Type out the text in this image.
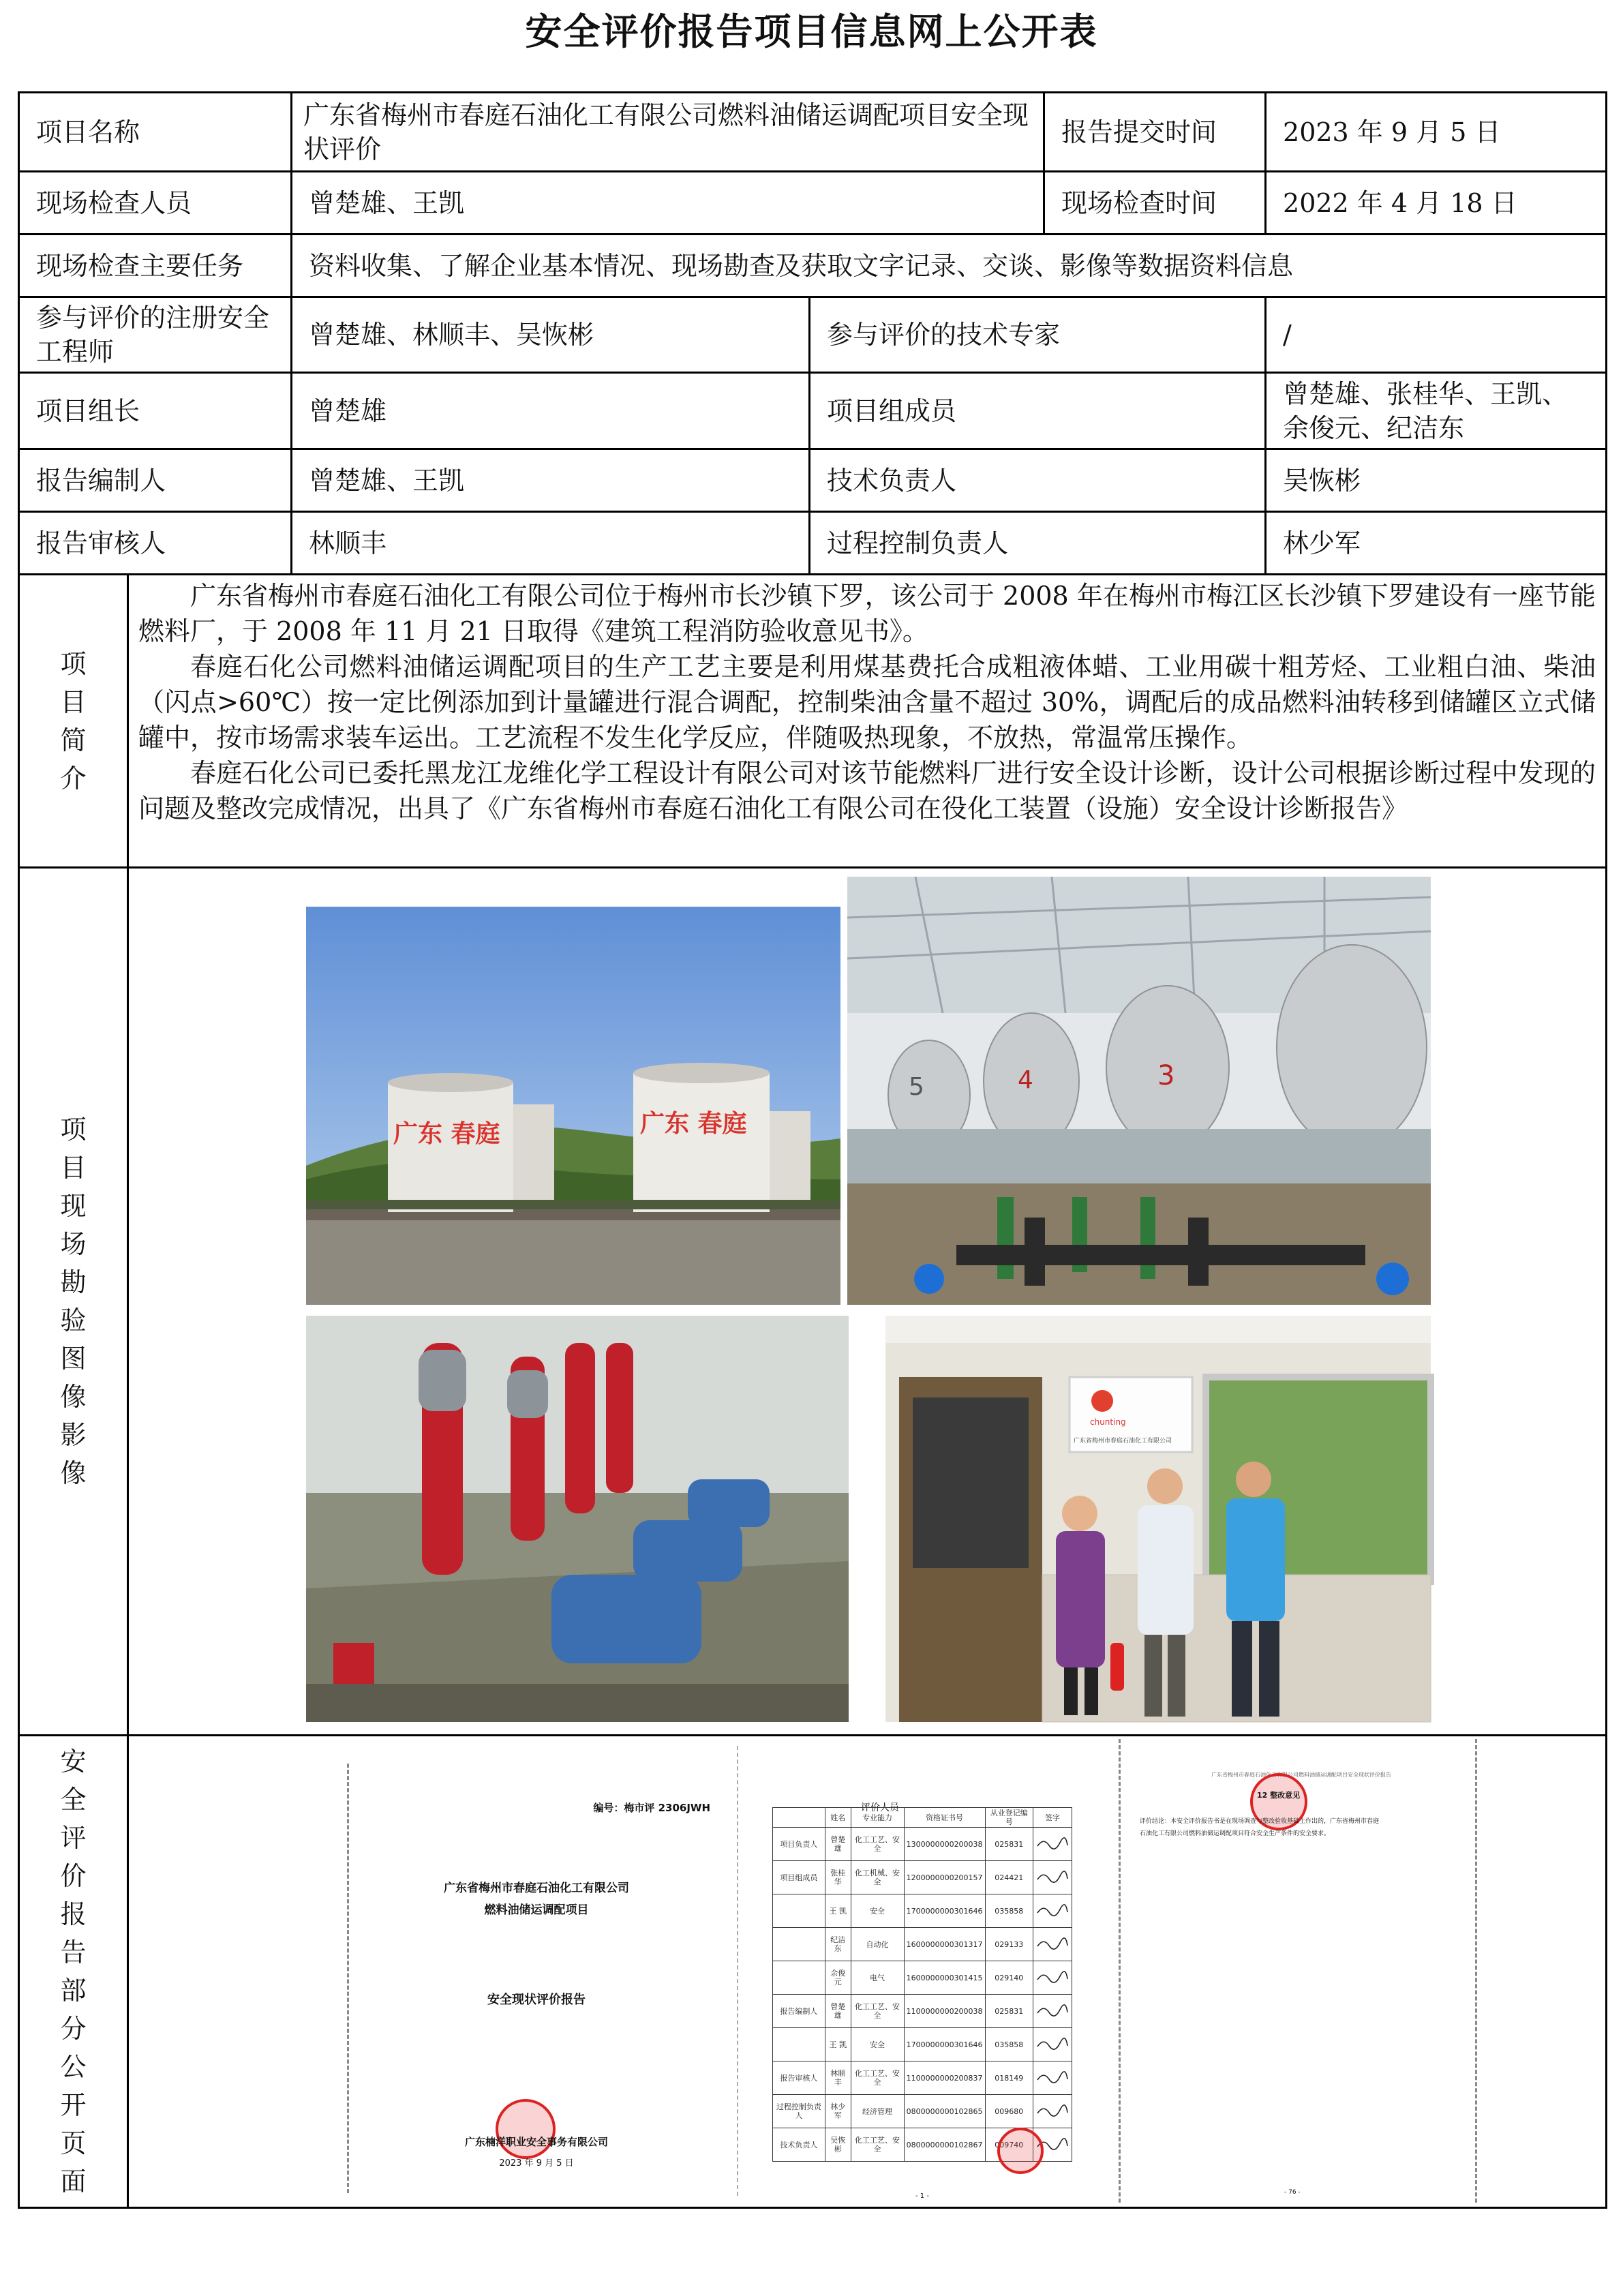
安全评价报告项目信息网上公开表
项目名称	广东省梅州市春庭石油化工有限公司燃料油储运调配项目安全现状评价	报告提交时间	2023 年 9 月 5 日
现场检查人员	曾楚雄、王凯	现场检查时间	2022 年 4 月 18 日
现场检查主要任务	资料收集、了解企业基本情况、现场勘查及获取文字记录、交谈、影像等数据资料信息
参与评价的注册安全工程师	曾楚雄、林顺丰、吴恢彬	参与评价的技术专家	/
项目组长	曾楚雄	项目组成员	曾楚雄、张桂华、王凯、余俊元、纪洁东
报告编制人	曾楚雄、王凯	技术负责人	吴恢彬
报告审核人	林顺丰	过程控制负责人	林少军
项目简介	

广东省梅州市春庭石油化工有限公司位于梅州市长沙镇下罗，该公司于 2008 年在梅州市梅江区长沙镇下罗建设有一座节能燃料厂，于 2008 年 11 月 21 日取得《建筑工程消防验收意见书》。

春庭石化公司燃料油储运调配项目的生产工艺主要是利用煤基费托合成粗液体蜡、工业用碳十粗芳烃、工业粗白油、柴油（闪点>60℃）按一定比例添加到计量罐进行混合调配，控制柴油含量不超过 30%，调配后的成品燃料油转移到储罐区立式储罐中，按市场需求装车运出。工艺流程不发生化学反应，伴随吸热现象，不放热，常温常压操作。

春庭石化公司已委托黑龙江龙维化学工程设计有限公司对该节能燃料厂进行安全设计诊断，设计公司根据诊断过程中发现的问题及整改完成情况，出具了《广东省梅州市春庭石油化工有限公司在役化工装置（设施）安全设计诊断报告》

项目现场勘验图像影像	
广东 春庭	广东 春庭
5	4	3
chunting
广东省梅州市春庭石油化工有限公司

安全评价报告部分公开页面	
编号：梅市评 2306JWH
广东省梅州市春庭石油化工有限公司
燃料油储运调配项目
安全现状评价报告
广东楠洋职业安全事务有限公司
2023 年 9 月 5 日
评价人员
	姓名	专业能力	资格证书号	从业登记编号	签字
项目负责人	曾楚雄	化工工艺、安全	1300000000200038	025831	
项目组成员	张桂华	化工机械、安全	1200000000200157	024421	
	王 凯	安全	1700000000301646	035858	
	纪洁东	自动化	1600000000301317	029133	
	余俊元	电气	1600000000301415	029140	
报告编制人	曾楚雄	化工工艺、安全	1100000000200038	025831	
	王 凯	安全	1700000000301646	035858	
报告审核人	林顺丰	化工工艺、安全	1100000000200837	018149	
过程控制负责人	林少军	经济管理	0800000000102865	009680	
技术负责人	吴恢彬	化工工艺、安全	0800000000102867	009740	
- 1 -
广东省梅州市春庭石油化工有限公司燃料油储运调配项目安全现状评价报告
12 整改意见
评价结论：本安全评价报告书是在现场调查与整改验收基础上作出的，广东省梅州市春庭
石油化工有限公司燃料油储运调配项目符合安全生产条件的安全要求。
- 76 -
